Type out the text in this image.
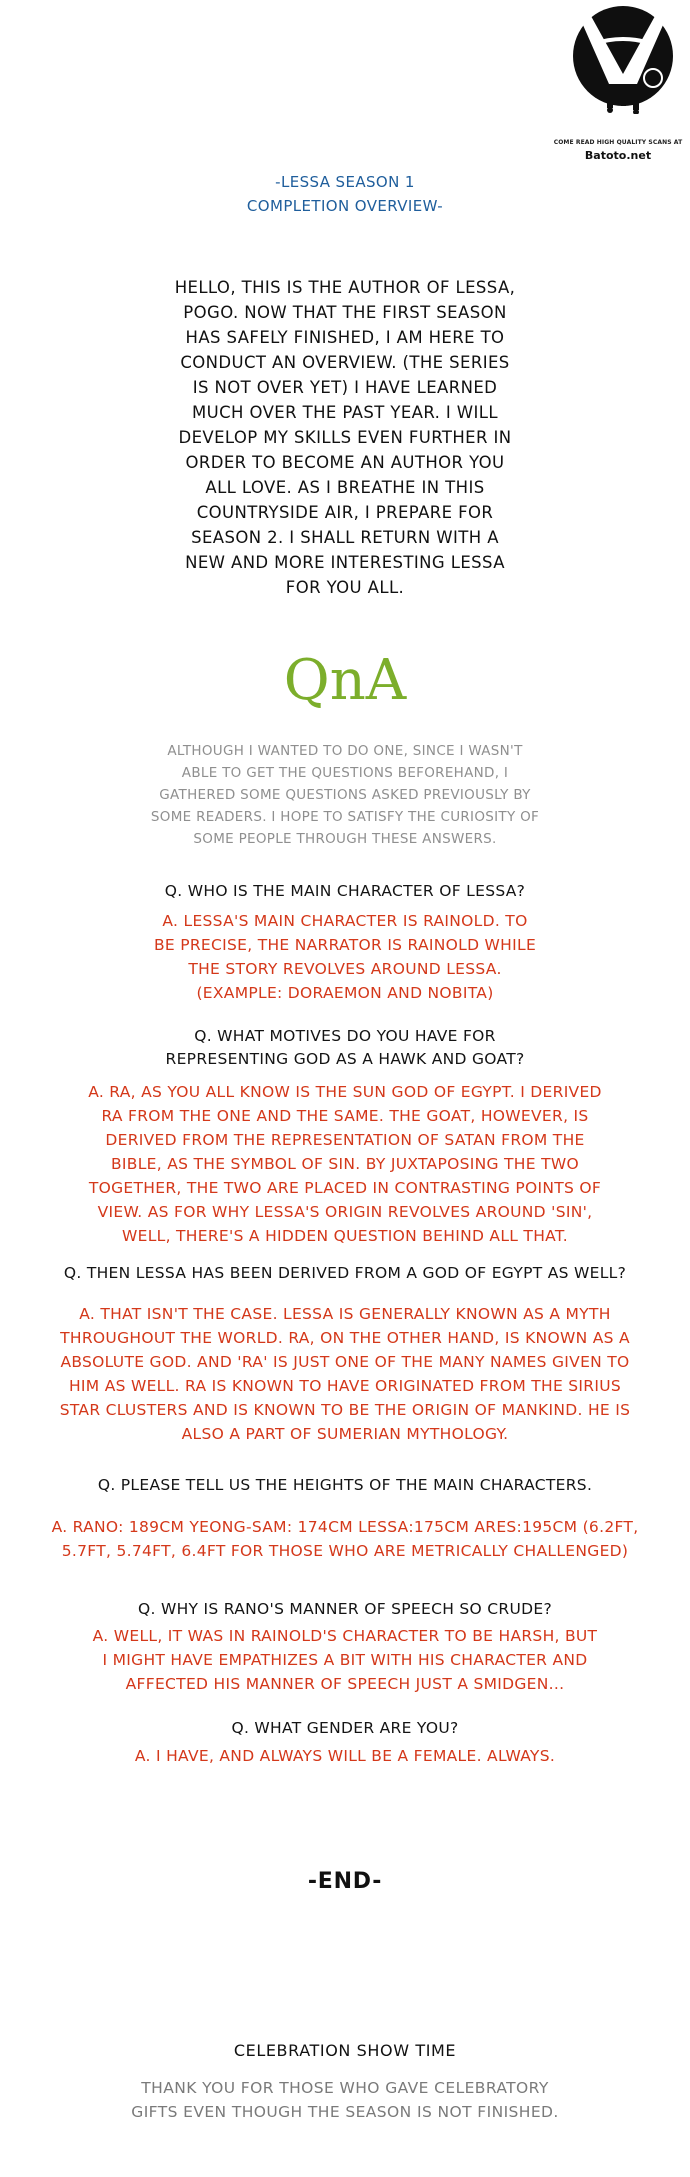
COME READ HIGH QUALITY SCANS AT
Batoto.net
-LESSA SEASON 1
COMPLETION OVERVIEW-
HELLO, THIS IS THE AUTHOR OF LESSA,
POGO. NOW THAT THE FIRST SEASON
HAS SAFELY FINISHED, I AM HERE TO
CONDUCT AN OVERVIEW. (THE SERIES
IS NOT OVER YET) I HAVE LEARNED
MUCH OVER THE PAST YEAR. I WILL
DEVELOP MY SKILLS EVEN FURTHER IN
ORDER TO BECOME AN AUTHOR YOU
ALL LOVE. AS I BREATHE IN THIS
COUNTRYSIDE AIR, I PREPARE FOR
SEASON 2. I SHALL RETURN WITH A
NEW AND MORE INTERESTING LESSA
FOR YOU ALL.
QnA
ALTHOUGH I WANTED TO DO ONE, SINCE I WASN'T
ABLE TO GET THE QUESTIONS BEFOREHAND, I
GATHERED SOME QUESTIONS ASKED PREVIOUSLY BY
SOME READERS. I HOPE TO SATISFY THE CURIOSITY OF
SOME PEOPLE THROUGH THESE ANSWERS.
Q. WHO IS THE MAIN CHARACTER OF LESSA?
A. LESSA'S MAIN CHARACTER IS RAINOLD. TO
BE PRECISE, THE NARRATOR IS RAINOLD WHILE
THE STORY REVOLVES AROUND LESSA.
(EXAMPLE: DORAEMON AND NOBITA)
Q. WHAT MOTIVES DO YOU HAVE FOR
REPRESENTING GOD AS A HAWK AND GOAT?
A. RA, AS YOU ALL KNOW IS THE SUN GOD OF EGYPT. I DERIVED
RA FROM THE ONE AND THE SAME. THE GOAT, HOWEVER, IS
DERIVED FROM THE REPRESENTATION OF SATAN FROM THE
BIBLE, AS THE SYMBOL OF SIN. BY JUXTAPOSING THE TWO
TOGETHER, THE TWO ARE PLACED IN CONTRASTING POINTS OF
VIEW. AS FOR WHY LESSA'S ORIGIN REVOLVES AROUND 'SIN',
WELL, THERE'S A HIDDEN QUESTION BEHIND ALL THAT.
Q. THEN LESSA HAS BEEN DERIVED FROM A GOD OF EGYPT AS WELL?
A. THAT ISN'T THE CASE. LESSA IS GENERALLY KNOWN AS A MYTH
THROUGHOUT THE WORLD. RA, ON THE OTHER HAND, IS KNOWN AS A
ABSOLUTE GOD. AND 'RA' IS JUST ONE OF THE MANY NAMES GIVEN TO
HIM AS WELL. RA IS KNOWN TO HAVE ORIGINATED FROM THE SIRIUS
STAR CLUSTERS AND IS KNOWN TO BE THE ORIGIN OF MANKIND. HE IS
ALSO A PART OF SUMERIAN MYTHOLOGY.
Q. PLEASE TELL US THE HEIGHTS OF THE MAIN CHARACTERS.
A. RANO: 189CM YEONG-SAM: 174CM LESSA:175CM ARES:195CM (6.2FT,
5.7FT, 5.74FT, 6.4FT FOR THOSE WHO ARE METRICALLY CHALLENGED)
Q. WHY IS RANO'S MANNER OF SPEECH SO CRUDE?
A. WELL, IT WAS IN RAINOLD'S CHARACTER TO BE HARSH, BUT
I MIGHT HAVE EMPATHIZES A BIT WITH HIS CHARACTER AND
AFFECTED HIS MANNER OF SPEECH JUST A SMIDGEN...
Q. WHAT GENDER ARE YOU?
A. I HAVE, AND ALWAYS WILL BE A FEMALE. ALWAYS.
-END-
CELEBRATION SHOW TIME
THANK YOU FOR THOSE WHO GAVE CELEBRATORY
GIFTS EVEN THOUGH THE SEASON IS NOT FINISHED.
